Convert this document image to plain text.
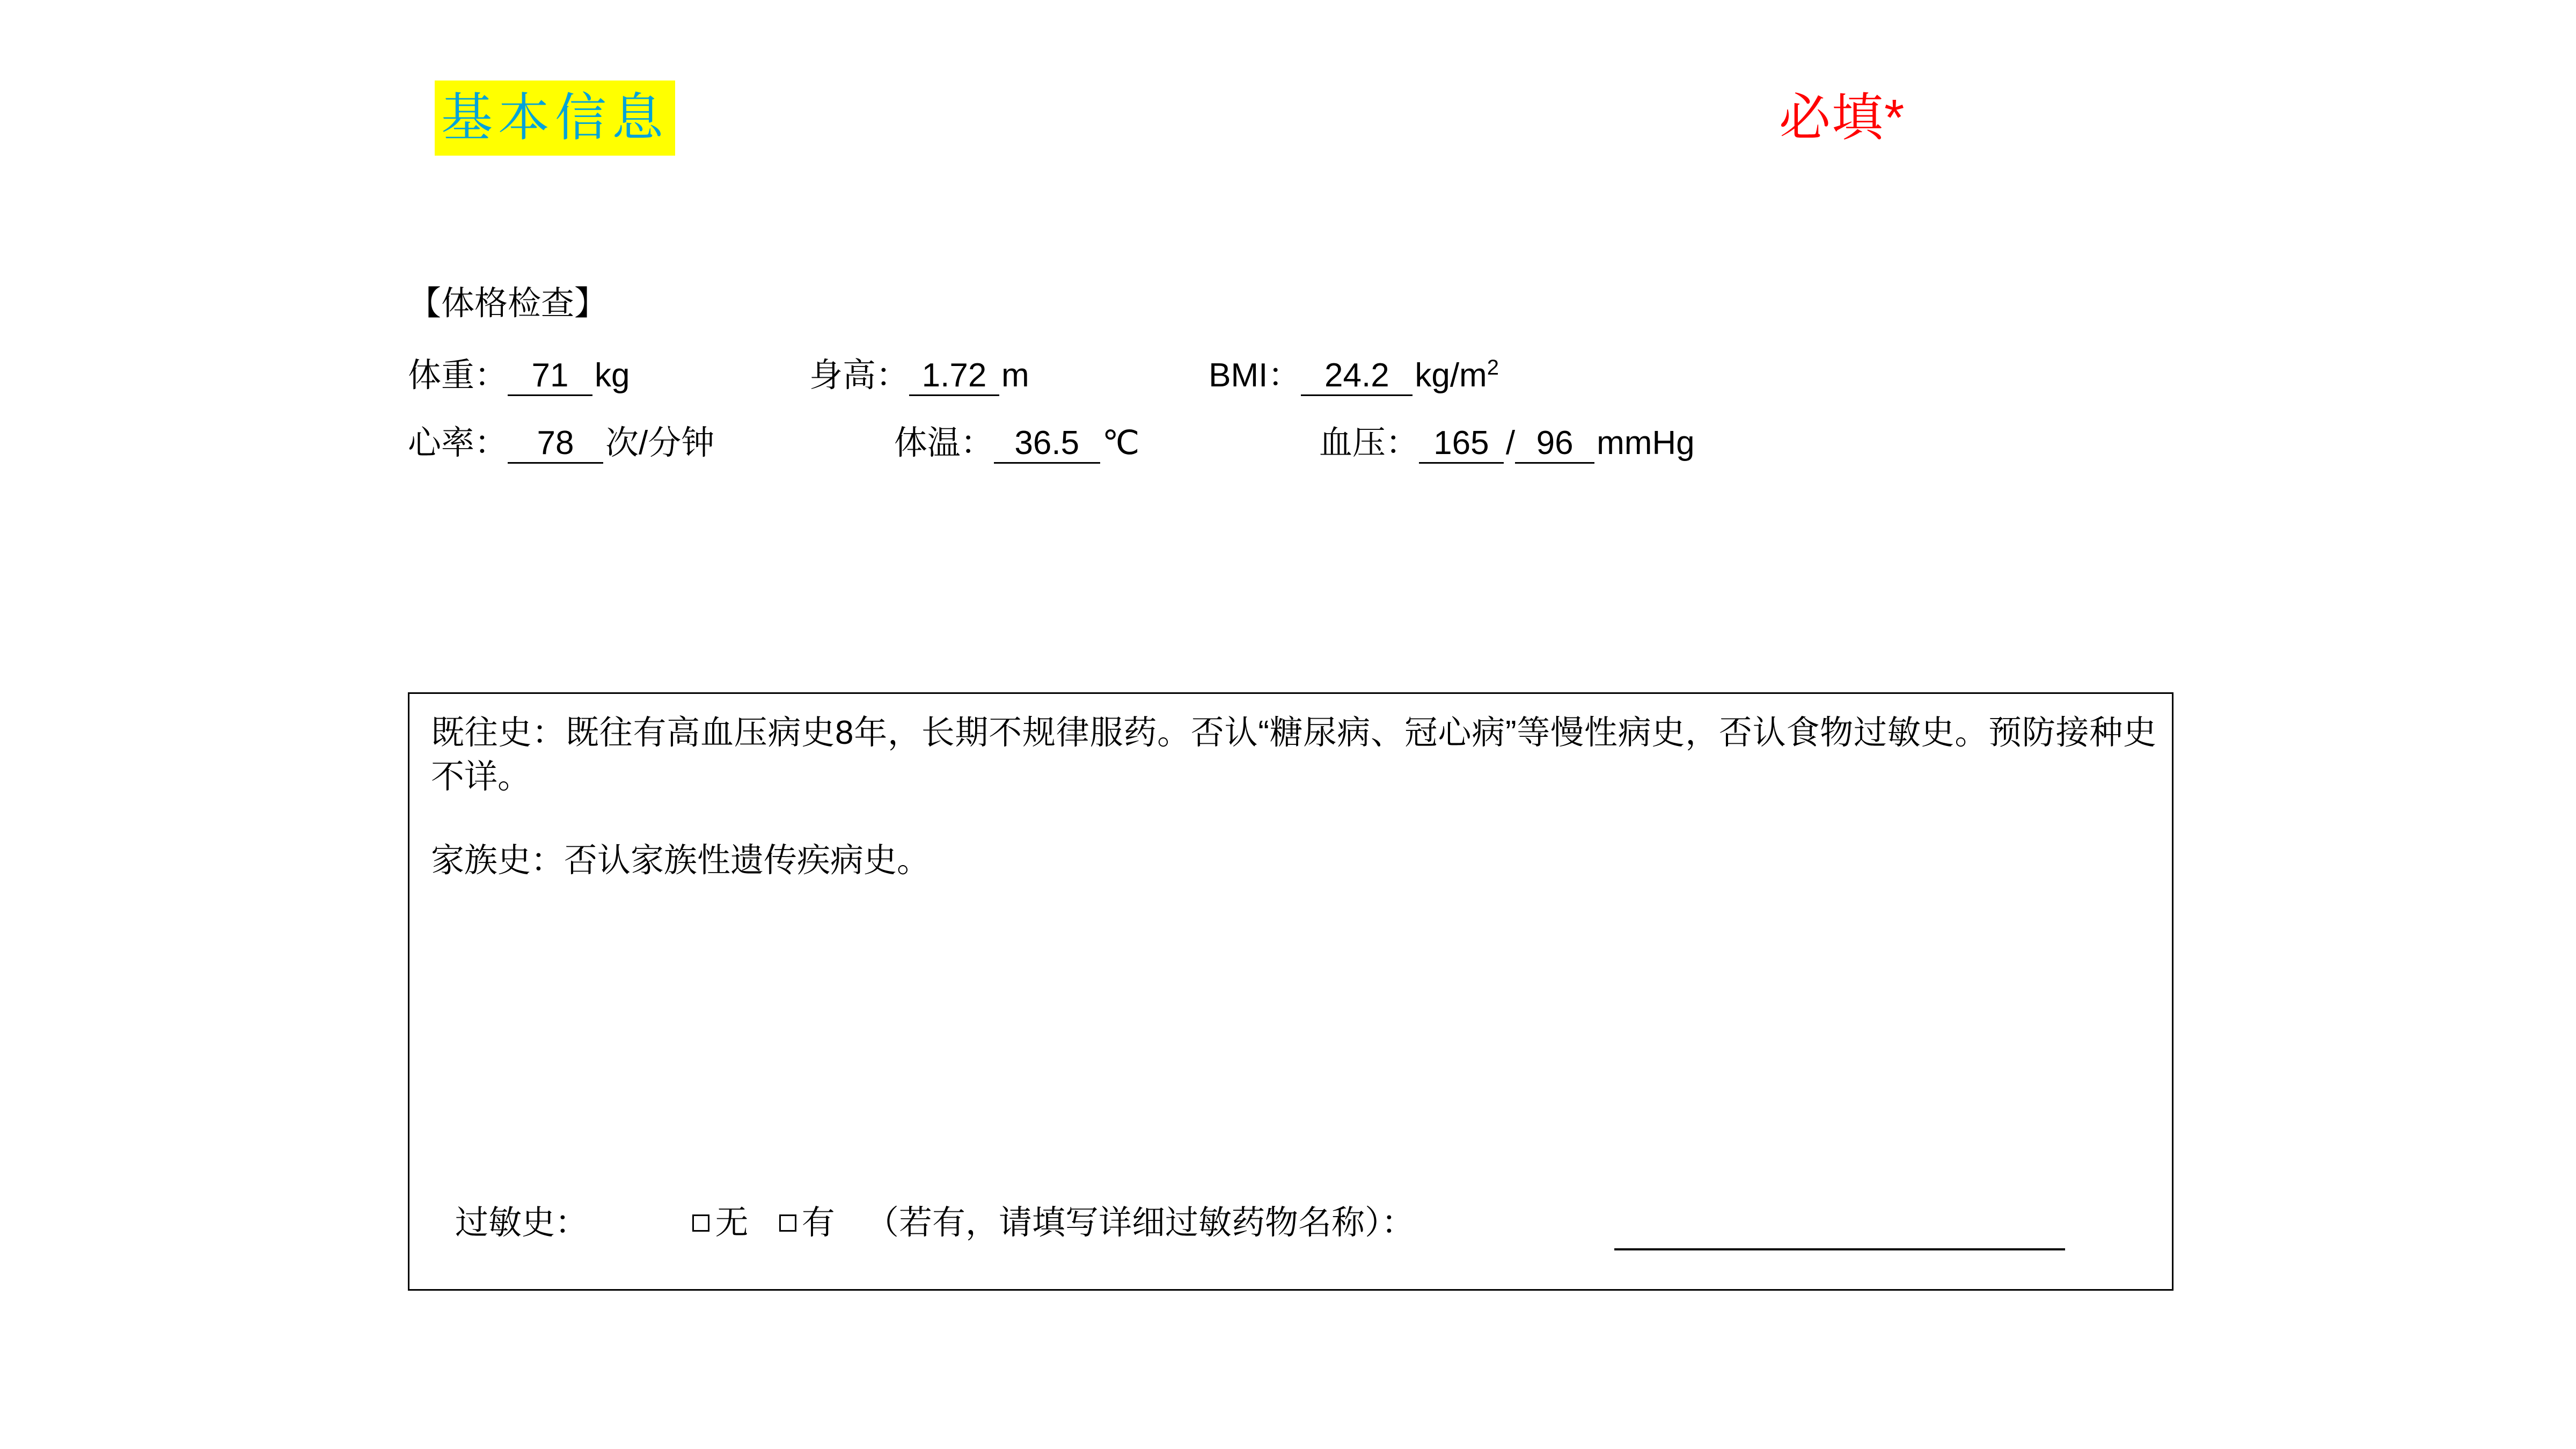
基本信息	必填*
【体格检查】
体重： 71 kg	身高： 1.72 m	BMI： 24.2 $kg/m^2$
心率： 78 次/分钟	体温： 36.5 ℃	血压： 165 / 96 mmHg

既往史：既往有高血压病史8年，长期不规律服药。否认“糖尿病、冠心病”等慢性病史，否认食物过敏史。预防接种史不详。

家族史：否认家族性遗传疾病史。

过敏史：	无 有 （若有，请填写详细过敏药物名称）：
